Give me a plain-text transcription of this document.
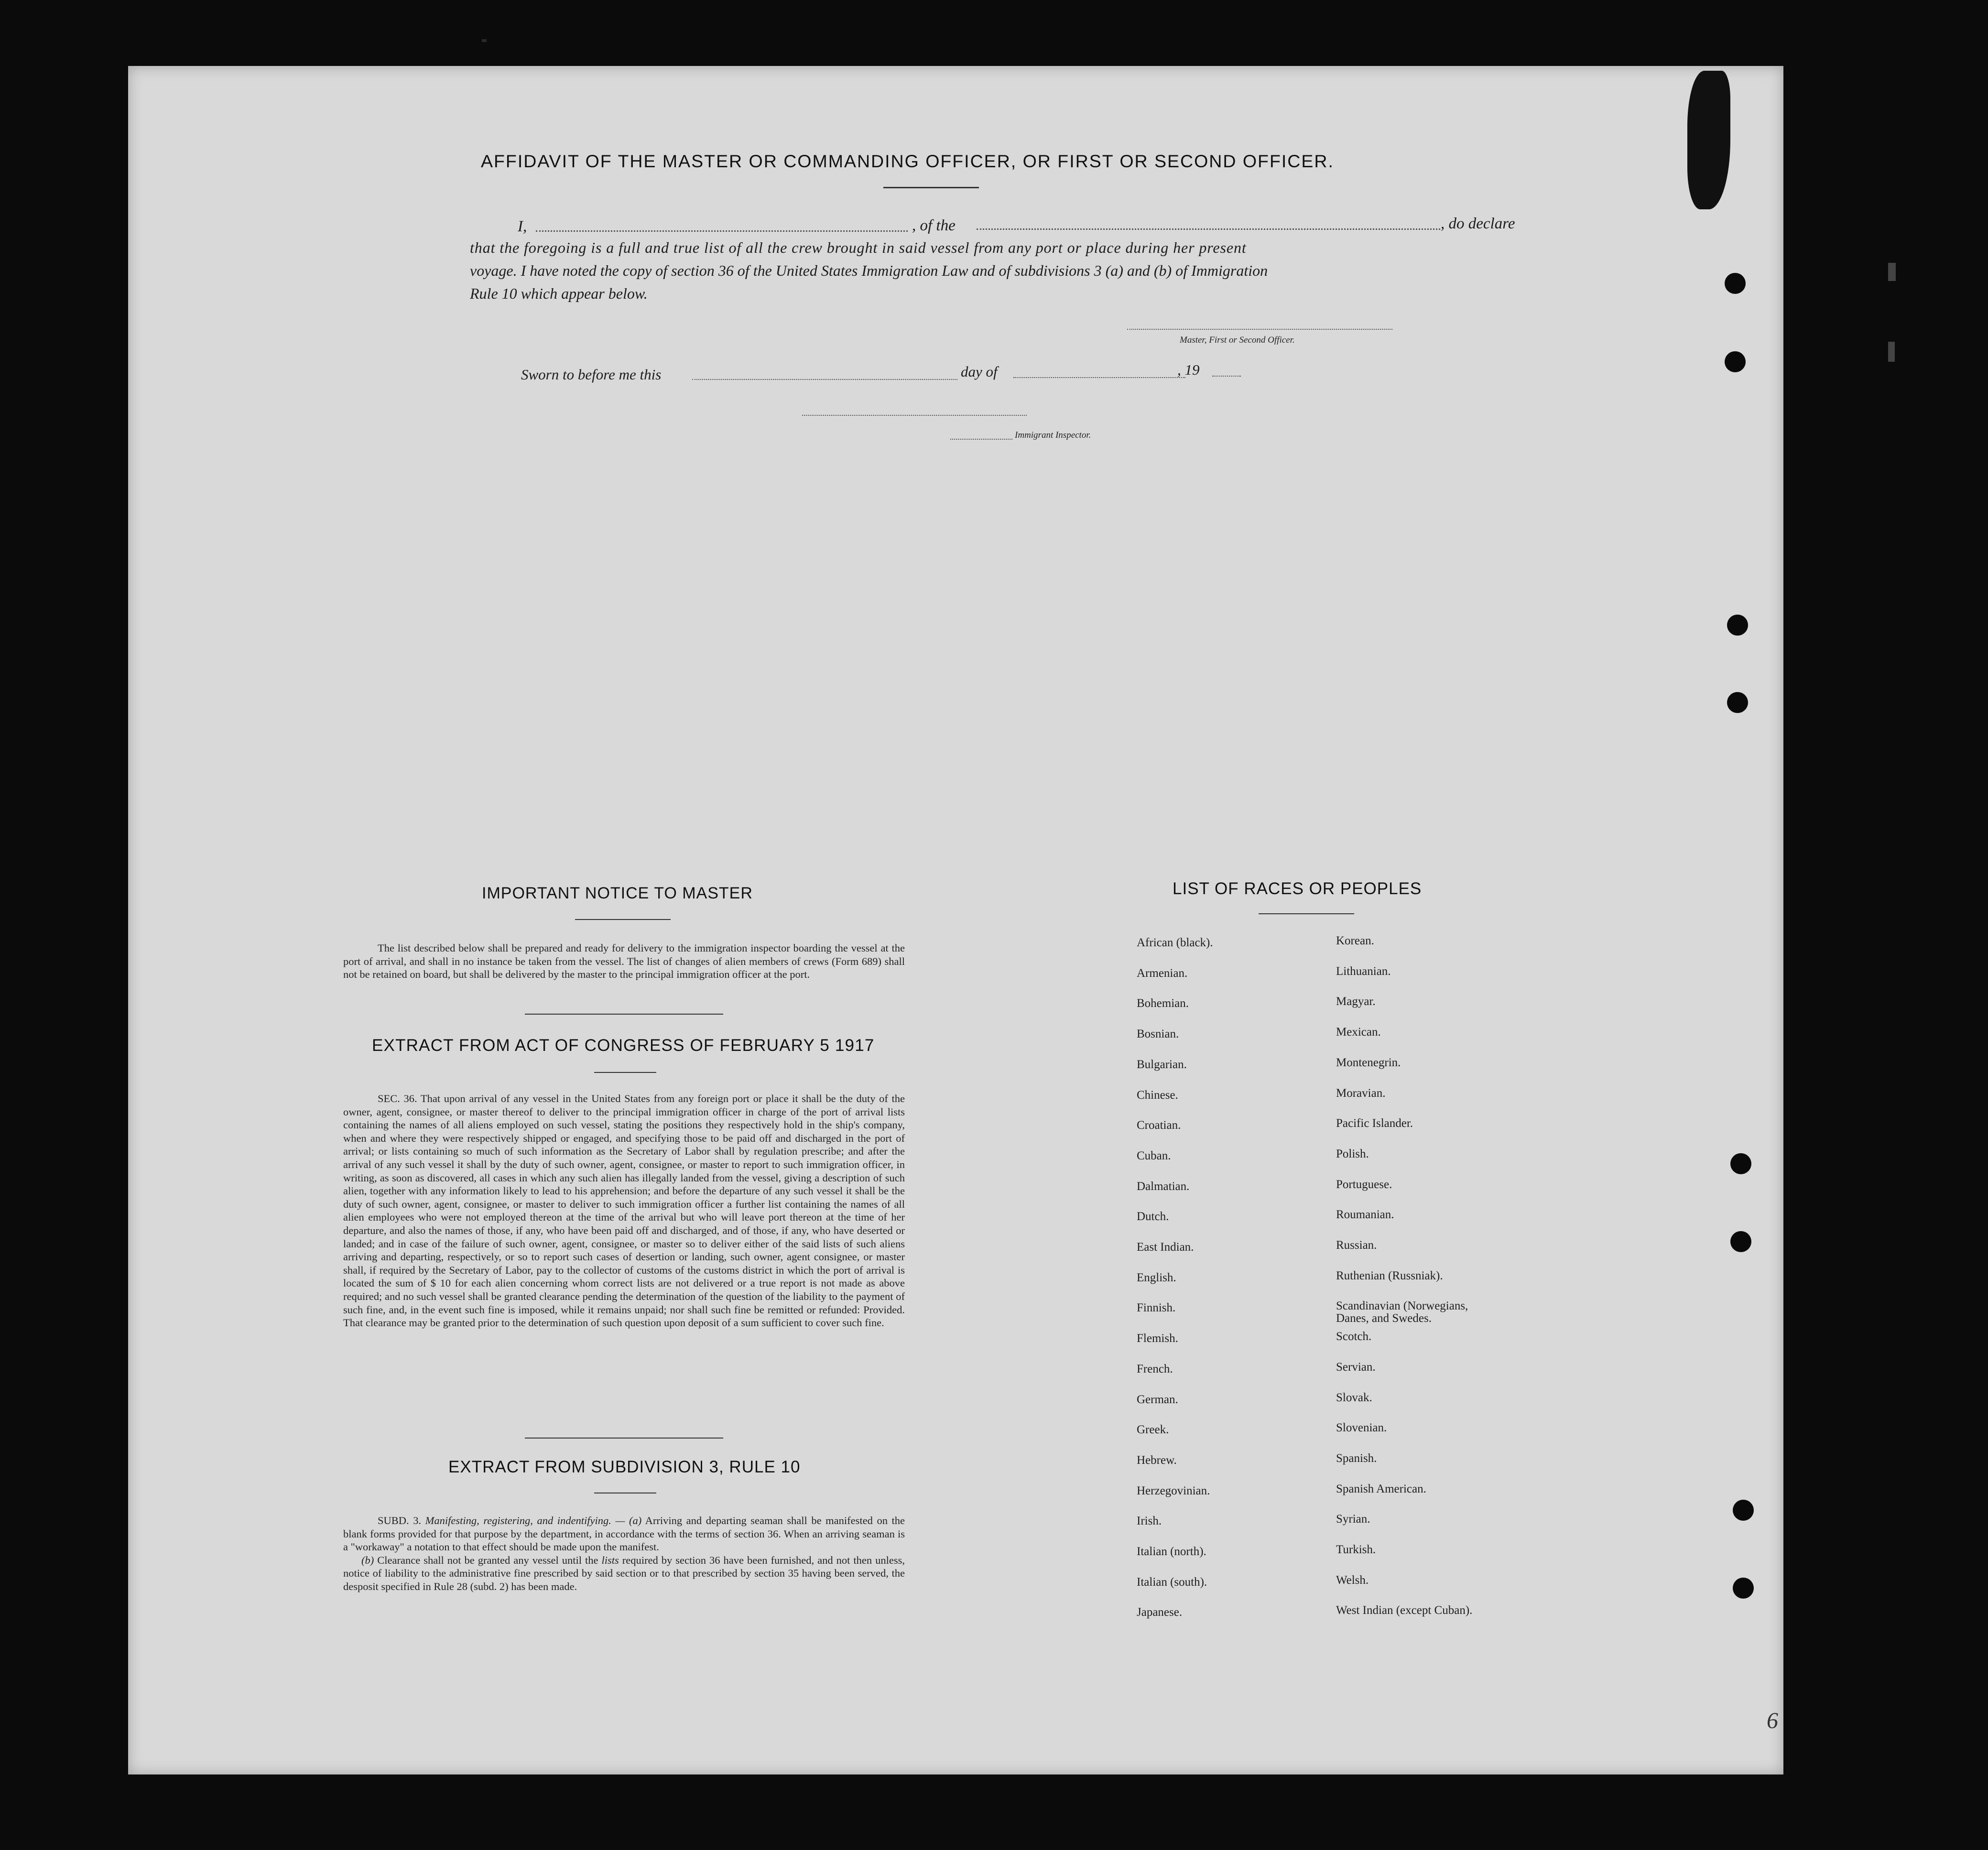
AFFIDAVIT OF THE MASTER OR COMMANDING OFFICER, OR FIRST OR SECOND OFFICER.
I,	, of the	, do declare
that the foregoing is a full and true list of all the crew brought in said vessel from any port or place during her present
voyage. I have noted the copy of section 36 of the United States Immigration Law and of subdivisions 3 (a) and (b) of Immigration
Rule 10 which appear below.
Master, First or Second Officer.
Sworn to before me this	day of	, 19
Immigrant Inspector.
IMPORTANT NOTICE TO MASTER

The list described below shall be prepared and ready for delivery to the immigration inspector boarding the vessel at the port of arrival, and shall in no instance be taken from the vessel. The list of changes of alien members of crews (Form 689) shall not be retained on board, but shall be delivered by the master to the principal immigration officer at the port.

EXTRACT FROM ACT OF CONGRESS OF FEBRUARY 5 1917

SEC. 36. That upon arrival of any vessel in the United States from any foreign port or place it shall be the duty of the owner, agent, consignee, or master thereof to deliver to the principal immigration officer in charge of the port of arrival lists containing the names of all aliens employed on such vessel, stating the positions they respectively hold in the ship's company, when and where they were respectively shipped or engaged, and specifying those to be paid off and discharged in the port of arrival; or lists containing so much of such information as the Secretary of Labor shall by regulation prescribe; and after the arrival of any such vessel it shall by the duty of such owner, agent, consignee, or master to report to such immigration officer, in writing, as soon as discovered, all cases in which any such alien has illegally landed from the vessel, giving a description of such alien, together with any information likely to lead to his apprehension; and before the departure of any such vessel it shall be the duty of such owner, agent, consignee, or master to deliver to such immigration officer a further list containing the names of all alien employees who were not employed thereon at the time of the arrival but who will leave port thereon at the time of her departure, and also the names of those, if any, who have been paid off and discharged, and of those, if any, who have deserted or landed; and in case of the failure of such owner, agent, consignee, or master so to deliver either of the said lists of such aliens arriving and departing, respectively, or so to report such cases of desertion or landing, such owner, agent consignee, or master shall, if required by the Secretary of Labor, pay to the collector of customs of the customs district in which the port of arrival is located the sum of $ 10 for each alien concerning whom correct lists are not delivered or a true report is not made as above required; and no such vessel shall be granted clearance pending the determination of the question of the liability to the payment of such fine, and, in the event such fine is imposed, while it remains unpaid; nor shall such fine be remitted or refunded: Provided. That clearance may be granted prior to the determination of such question upon deposit of a sum sufficient to cover such fine.

EXTRACT FROM SUBDIVISION 3, RULE 10

SUBD. 3. Manifesting, registering, and indentifying. — (a) Arriving and departing seaman shall be manifested on the blank forms provided for that purpose by the department, in accordance with the terms of section 36. When an arriving seaman is a "workaway" a notation to that effect should be made upon the manifest.

(b) Clearance shall not be granted any vessel until the lists required by section 36 have been furnished, and not then unless, notice of liability to the administrative fine prescribed by said section or to that prescribed by section 35 having been served, the desposit specified in Rule 28 (subd. 2) has been made.

LIST OF RACES OR PEOPLES
African (black).
Armenian.
Bohemian.
Bosnian.
Bulgarian.
Chinese.
Croatian.
Cuban.
Dalmatian.
Dutch.
East Indian.
English.
Finnish.
Flemish.
French.
German.
Greek.
Hebrew.
Herzegovinian.
Irish.
Italian (north).
Italian (south).
Japanese.
Korean.
Lithuanian.
Magyar.
Mexican.
Montenegrin.
Moravian.
Pacific Islander.
Polish.
Portuguese.
Roumanian.
Russian.
Ruthenian (Russniak).
Scandinavian (Norwegians,
Danes, and Swedes.
Scotch.
Servian.
Slovak.
Slovenian.
Spanish.
Spanish American.
Syrian.
Turkish.
Welsh.
West Indian (except Cuban).
6
